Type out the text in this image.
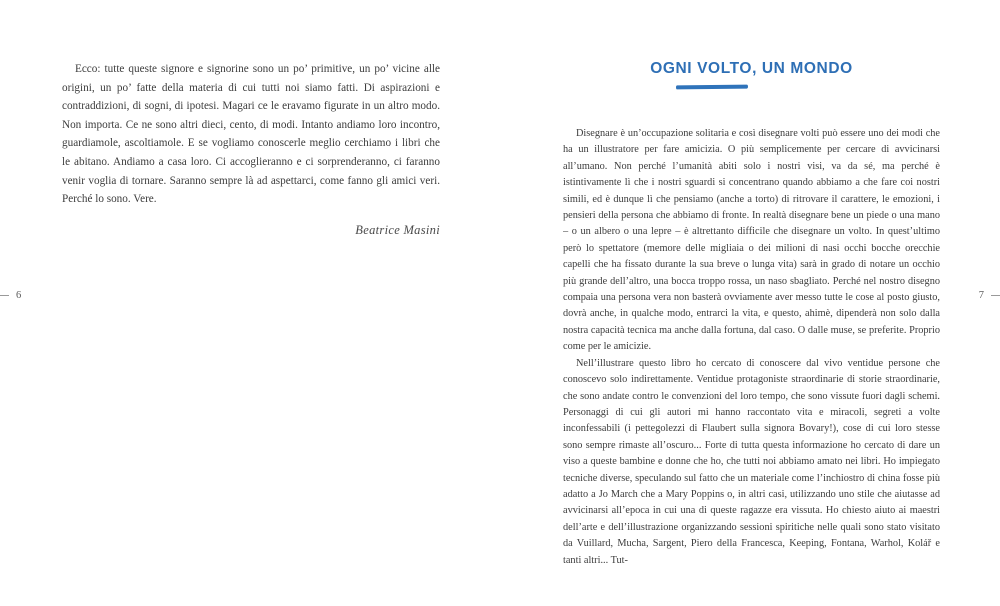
Ecco: tutte queste signore e signorine sono un po’ primitive, un po’ vicine alle origini, un po’ fatte della materia di cui tutti noi siamo fatti. Di aspirazioni e contraddizioni, di sogni, di ipotesi. Magari ce le eravamo figurate in un altro modo. Non importa. Ce ne sono altri dieci, cento, di modi. Intanto andiamo loro incontro, guardiamole, ascoltiamole. E se vogliamo conoscerle meglio cerchiamo i libri che le abitano. Andiamo a casa loro. Ci accoglieranno e ci sorprenderanno, ci faranno venir voglia di tornare. Saranno sempre là ad aspettarci, come fanno gli amici veri. Perché lo sono. Vere.

Beatrice Masini

6
OGNI VOLTO, UN MONDO

Disegnare è un’occupazione solitaria e così disegnare volti può essere uno dei modi che ha un illustratore per fare amicizia. O più semplicemente per cercare di avvicinarsi all’umano. Non perché l’umanità abiti solo i nostri visi, va da sé, ma perché è istintivamente lì che i nostri sguardi si concentrano quando abbiamo a che fare coi nostri simili, ed è dunque lì che pensiamo (anche a torto) di ritrovare il carattere, le emozioni, i pensieri della persona che abbiamo di fronte. In realtà disegnare bene un piede o una mano – o un albero o una lepre – è altrettanto difficile che disegnare un volto. In quest’ultimo però lo spettatore (memore delle migliaia o dei milioni di nasi occhi bocche orecchie capelli che ha fissato durante la sua breve o lunga vita) sarà in grado di notare un occhio più grande dell’altro, una bocca troppo rossa, un naso sbagliato. Perché nel nostro disegno compaia una persona vera non basterà ovviamente aver messo tutte le cose al posto giusto, dovrà anche, in qualche modo, entrarci la vita, e questo, ahimè, dipenderà non solo dalla nostra capacità tecnica ma anche dalla fortuna, dal caso. O dalle muse, se preferite. Proprio come per le amicizie.

Nell’illustrare questo libro ho cercato di conoscere dal vivo ventidue persone che conoscevo solo indirettamente. Ventidue protagoniste straordinarie di storie straordinarie, che sono andate contro le convenzioni del loro tempo, che sono vissute fuori dagli schemi. Personaggi di cui gli autori mi hanno raccontato vita e miracoli, segreti a volte inconfessabili (i pettegolezzi di Flaubert sulla signora Bovary!), cose di cui loro stesse sono sempre rimaste all’oscuro... Forte di tutta questa informazione ho cercato di dare un viso a queste bambine e donne che ho, che tutti noi abbiamo amato nei libri. Ho impiegato tecniche diverse, speculando sul fatto che un materiale come l’inchiostro di china fosse più adatto a Jo March che a Mary Poppins o, in altri casi, utilizzando uno stile che aiutasse ad avvicinarsi all’epoca in cui una di queste ragazze era vissuta. Ho chiesto aiuto ai maestri dell’arte e dell’illustrazione organizzando sessioni spiritiche nelle quali sono stato visitato da Vuillard, Mucha, Sargent, Piero della Francesca, Keeping, Fontana, Warhol, Kolář e tanti altri... Tut-

7
